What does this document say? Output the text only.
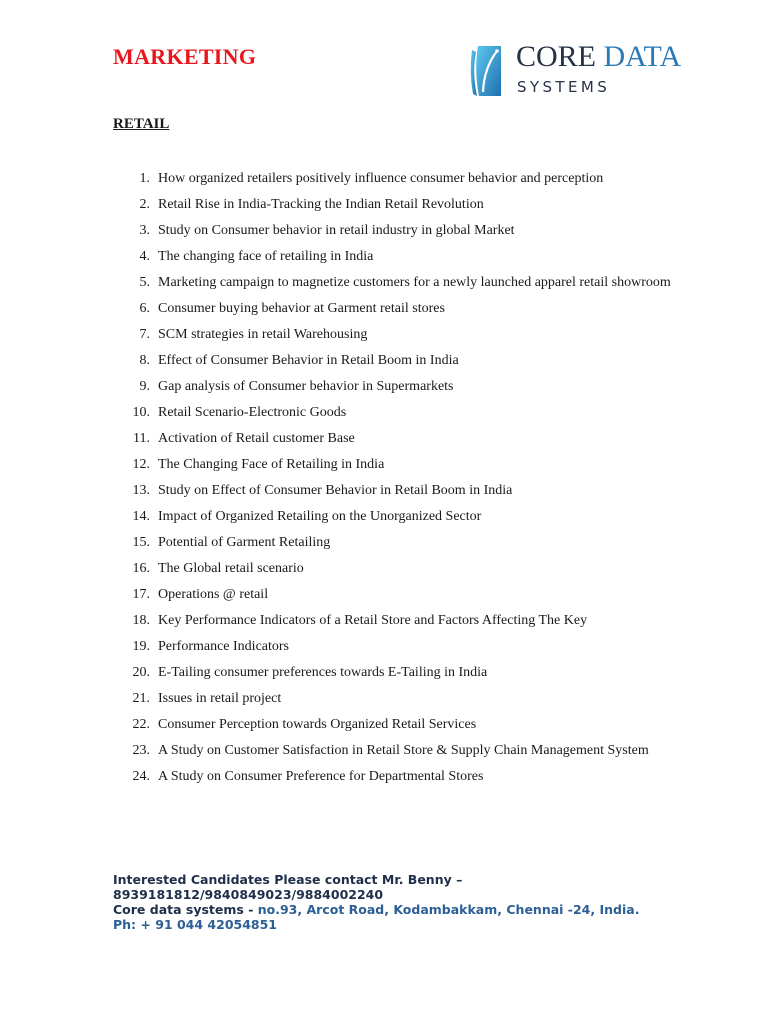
MARKETING	CORE DATA
SYSTEMS
RETAIL
1. How organized retailers positively influence consumer behavior and perception
2. Retail Rise in India-Tracking the Indian Retail Revolution
3. Study on Consumer behavior in retail industry in global Market
4. The changing face of retailing in India
5. Marketing campaign to magnetize customers for a newly launched apparel retail showroom
6. Consumer buying behavior at Garment retail stores
7. SCM strategies in retail Warehousing
8. Effect of Consumer Behavior in Retail Boom in India
9. Gap analysis of Consumer behavior in Supermarkets
10. Retail Scenario-Electronic Goods
11. Activation of Retail customer Base
12. The Changing Face of Retailing in India
13. Study on Effect of Consumer Behavior in Retail Boom in India
14. Impact of Organized Retailing on the Unorganized Sector
15. Potential of Garment Retailing
16. The Global retail scenario
17. Operations @ retail
18. Key Performance Indicators of a Retail Store and Factors Affecting The Key
19. Performance Indicators
20. E-Tailing consumer preferences towards E-Tailing in India
21. Issues in retail project
22. Consumer Perception towards Organized Retail Services
23. A Study on Customer Satisfaction in Retail Store & Supply Chain Management System
24. A Study on Consumer Preference for Departmental Stores
Interested Candidates Please contact Mr. Benny –
8939181812/9840849023/9884002240
Core data systems - no.93, Arcot Road, Kodambakkam, Chennai -24, India.
Ph: + 91 044 42054851
